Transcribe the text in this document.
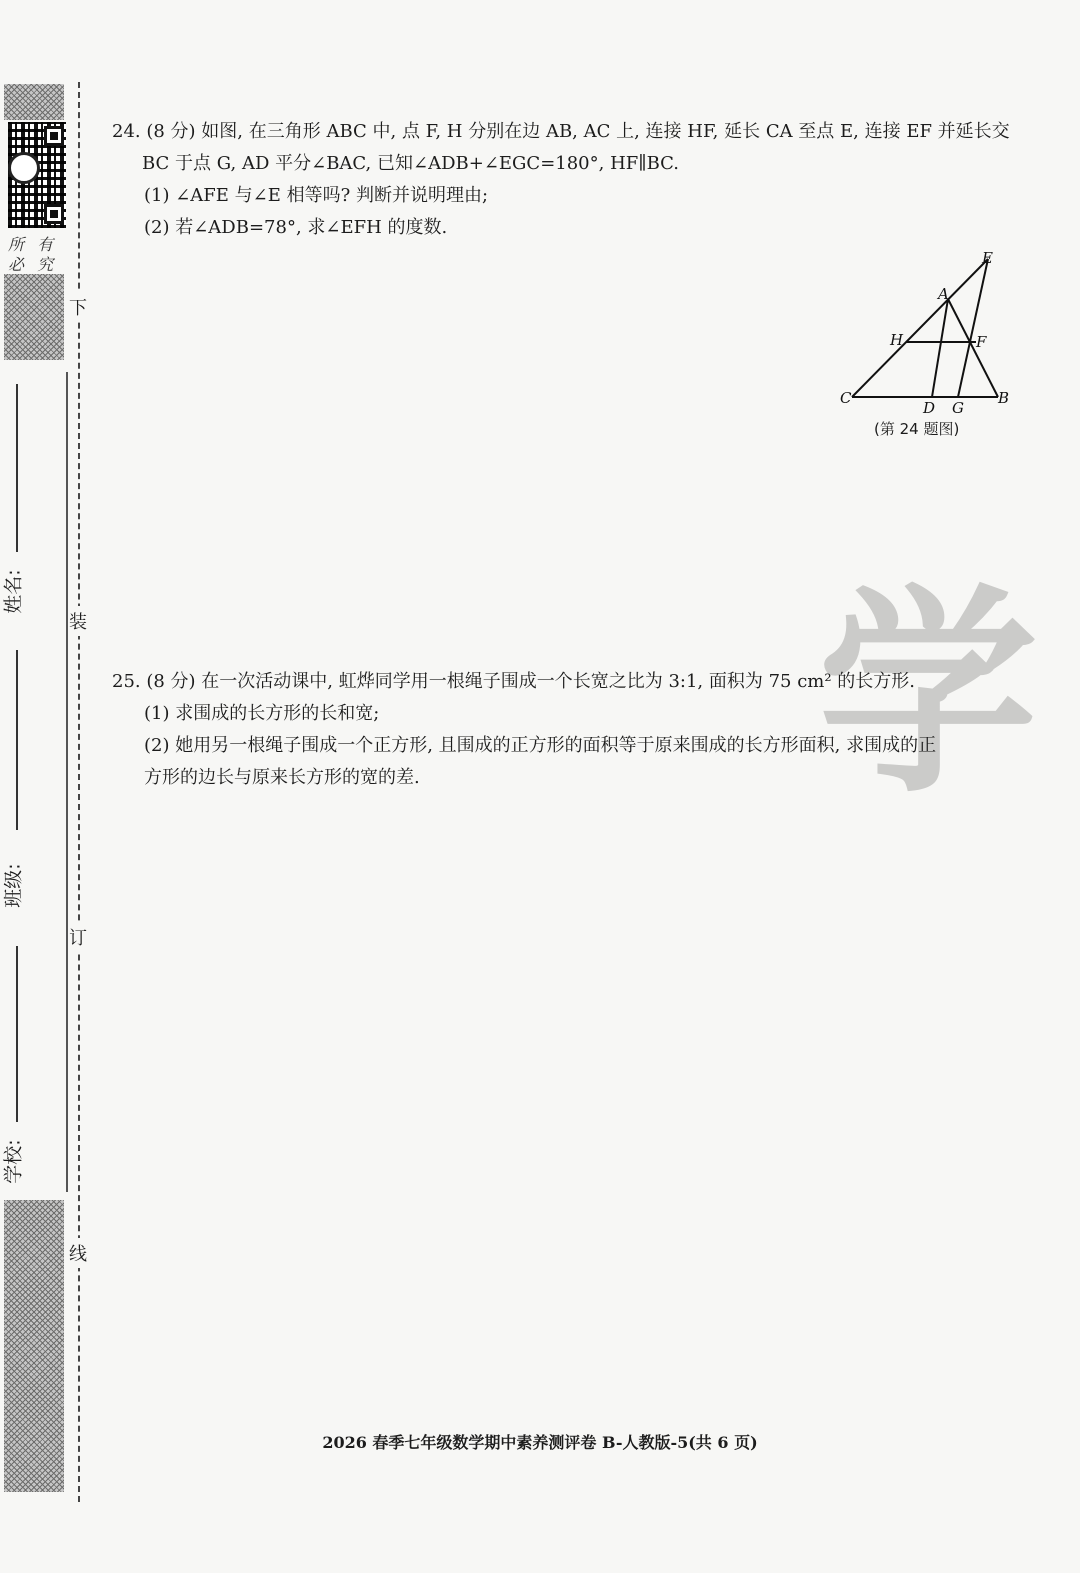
所 有
必 究
下
装
订
线
姓名:
班级:
学校:

24. (8 分) 如图, 在三角形 ABC 中, 点 F, H 分别在边 AB, AC 上, 连接 HF, 延长 CA 至点 E, 连接 EF 并延长交

BC 于点 G, AD 平分∠BAC, 已知∠ADB+∠EGC=180°, HF∥BC.

(1) ∠AFE 与∠E 相等吗? 判断并说明理由;

(2) 若∠ADB=78°, 求∠EFH 的度数.

E
A
H	F
C	B
D G
(第 24 题图)
学

25. (8 分) 在一次活动课中, 虹烨同学用一根绳子围成一个长宽之比为 3:1, 面积为 75 cm² 的长方形.

(1) 求围成的长方形的长和宽;

(2) 她用另一根绳子围成一个正方形, 且围成的正方形的面积等于原来围成的长方形面积, 求围成的正

方形的边长与原来长方形的宽的差.

2026 春季七年级数学期中素养测评卷 B-人教版-5(共 6 页)
